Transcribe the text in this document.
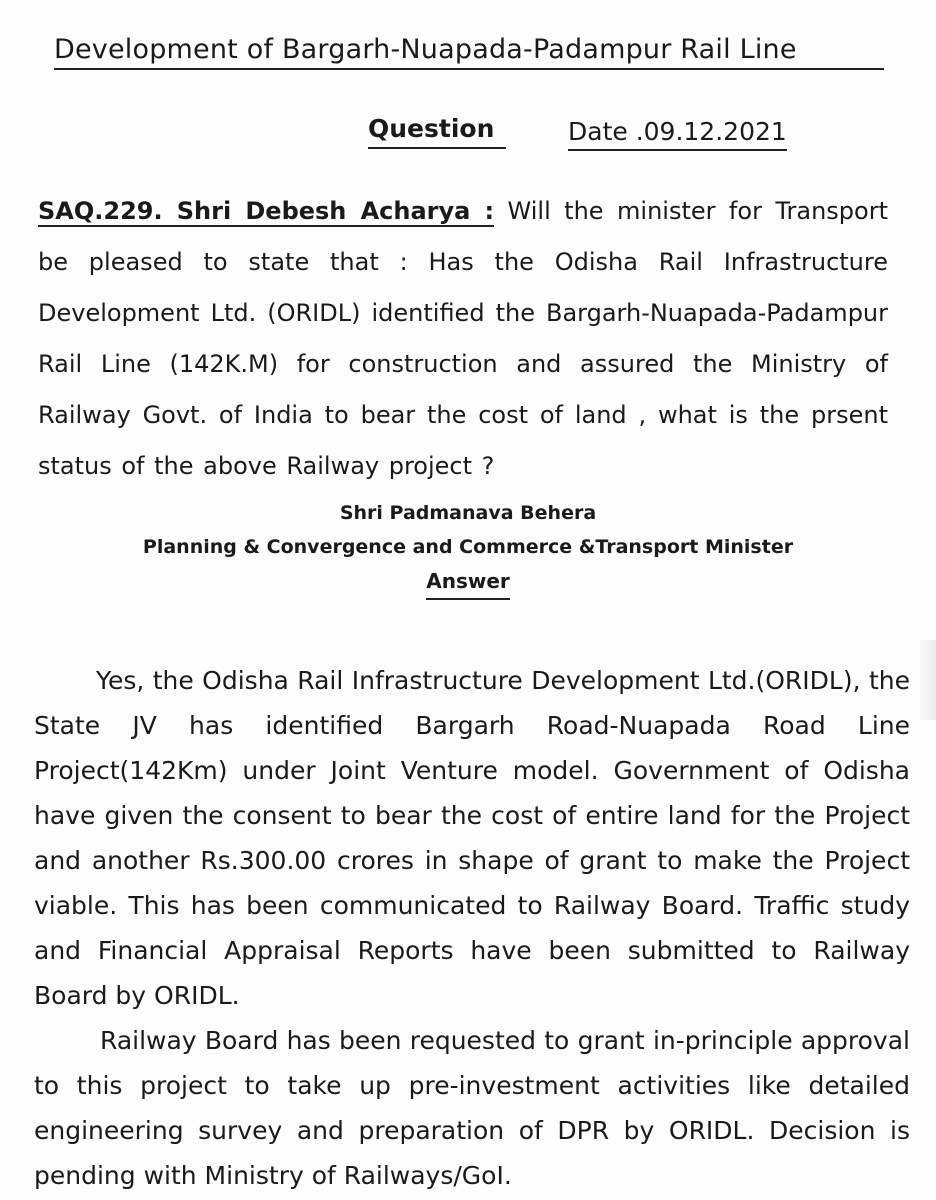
Development of Bargarh-Nuapada-Padampur Rail Line
Question	Date .09.12.2021
SAQ.229. Shri Debesh Acharya : Will the minister for Transport be pleased to state that : Has the Odisha Rail Infrastructure Development Ltd. (ORIDL) identified the Bargarh-Nuapada-Padampur Rail Line (142K.M) for construction and assured the Ministry of Railway Govt. of India to bear the cost of land , what is the prsent status of the above Railway project ?
Shri Padmanava Behera
Planning & Convergence and Commerce &Transport Minister
Answer

Yes, the Odisha Rail Infrastructure Development Ltd.(ORIDL), the State JV has identified Bargarh Road-Nuapada Road Line Project(142Km) under Joint Venture model. Government of Odisha have given the consent to bear the cost of entire land for the Project and another Rs.300.00 crores in shape of grant to make the Project viable. This has been communicated to Railway Board. Traffic study and Financial Appraisal Reports have been submitted to Railway Board by ORIDL.

Railway Board has been requested to grant in-principle approval to this project to take up pre-investment activities like detailed engineering survey and preparation of DPR by ORIDL. Decision is pending with Ministry of Railways/GoI.
